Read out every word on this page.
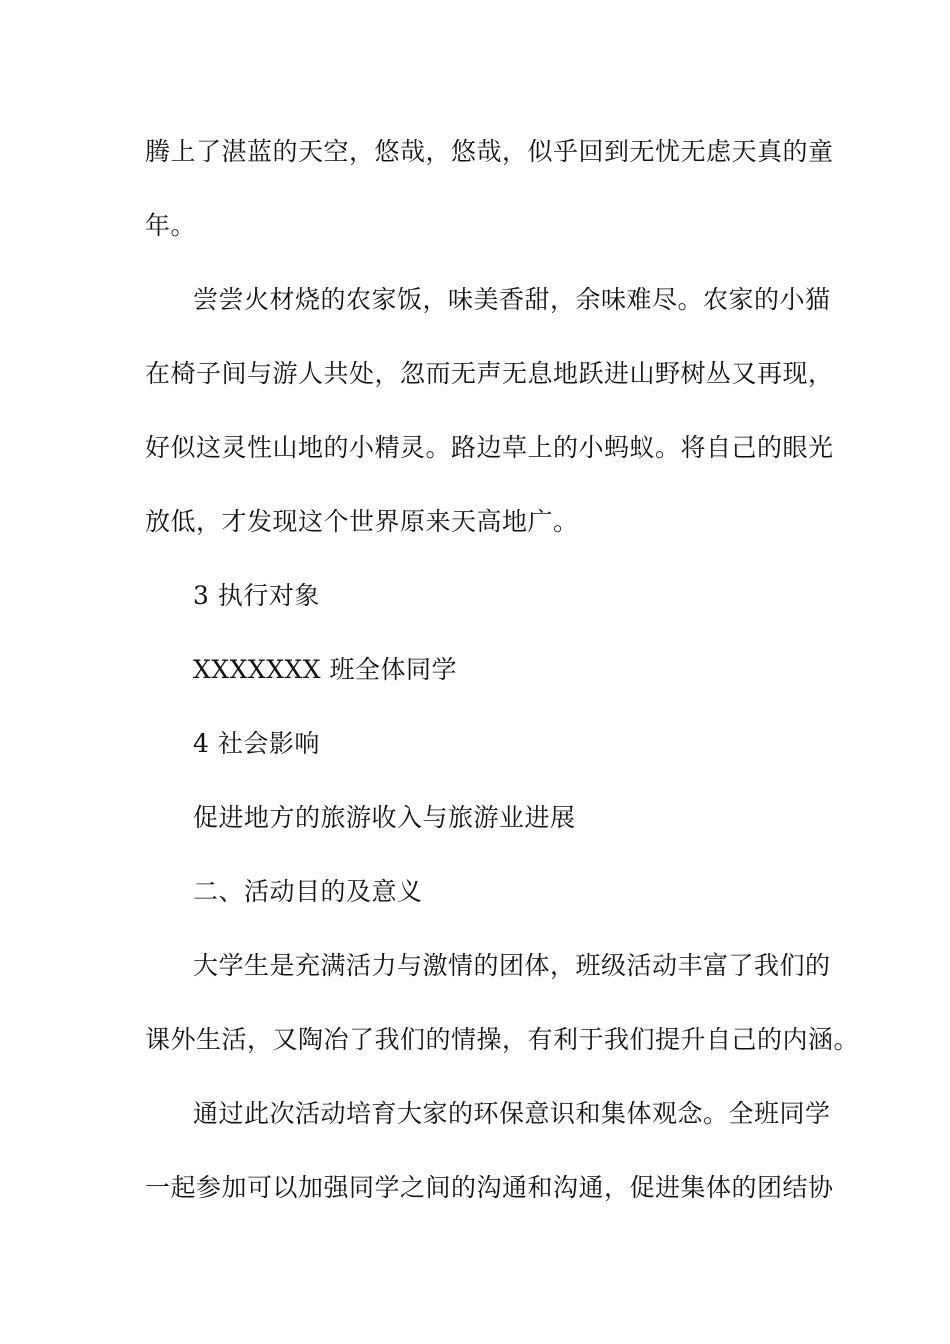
腾上了湛蓝的天空，悠哉，悠哉，似乎回到无忧无虑天真的童
年。
尝尝火材烧的农家饭，味美香甜，余味难尽。农家的小猫
在椅子间与游人共处，忽而无声无息地跃进山野树丛又再现，
好似这灵性山地的小精灵。路边草上的小蚂蚁。将自己的眼光
放低，才发现这个世界原来天高地广。
3 执行对象
XXXXXXX 班全体同学
4 社会影响
促进地方的旅游收入与旅游业进展
二、活动目的及意义
大学生是充满活力与激情的团体，班级活动丰富了我们的
课外生活，又陶冶了我们的情操，有利于我们提升自己的内涵。
通过此次活动培育大家的环保意识和集体观念。全班同学
一起参加可以加强同学之间的沟通和沟通，促进集体的团结协
